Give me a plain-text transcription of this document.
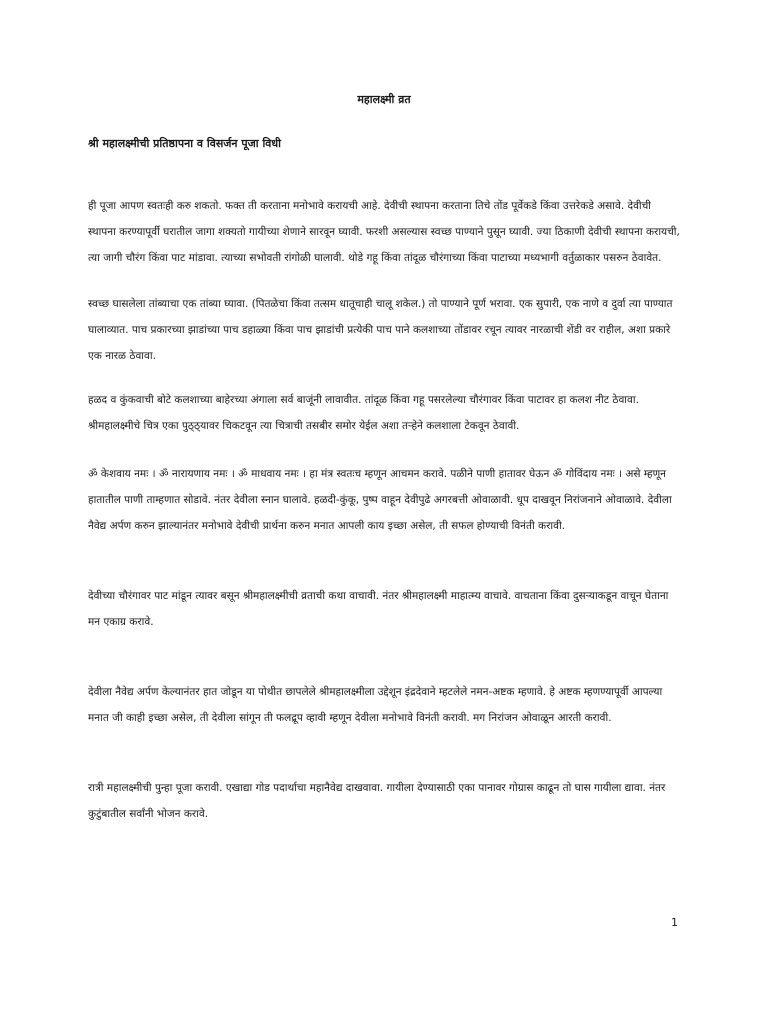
महालक्ष्मी व्रत
श्री महालक्ष्मीची प्रतिष्ठापना व विसर्जन पूजा विधी

ही पूजा आपण स्वतःही करु शकतो. फक्त ती करताना मनोभावे करायची आहे. देवीची स्थापना करताना तिचे तोंड पूर्वेकडे किंवा उत्तरेकडे असावे. देवीची स्थापना करण्यापूर्वी घरातील जागा शक्यतो गायीच्या शेणाने सारवून घ्यावी. फरशी असल्यास स्वच्छ पाण्याने पुसून घ्यावी. ज्या ठिकाणी देवीची स्थापना करायची, त्या जागी चौरंग किंवा पाट मांडावा. त्याच्या सभोवती रांगोळी घालावी. थोडे गहू किंवा तांदूळ चौरंगाच्या किंवा पाटाच्या मध्यभागी वर्तुळाकार पसरुन ठेवावेत.

स्वच्छ घासलेला तांब्याचा एक तांब्या घ्यावा. (पितळेचा किंवा तत्सम धातूचाही चालू शकेल.) तो पाण्याने पूर्ण भरावा. एक सुपारी, एक नाणे व दुर्वा त्या पाण्यात घालाव्यात. पाच प्रकारच्या झाडांच्या पाच डहाळ्या किंवा पाच झाडांची प्रत्येकी पाच पाने कलशाच्या तोंडावर रचून त्यावर नारळाची शेंडी वर राहील, अशा प्रकारे एक नारळ ठेवावा.

हळद व कुंकवाची बोटे कलशाच्या बाहेरच्या अंगाला सर्व बाजूंनी लावावीत. तांदूळ किंवा गहू पसरलेल्या चौरंगावर किंवा पाटावर हा कलश नीट ठेवावा. श्रीमहालक्ष्मीचे चित्र एका पुठ्ठ्यावर चिकटवून त्या चित्राची तसबीर समोर येईल अशा तऱ्हेने कलशाला टेकवून ठेवावी.

ॐ केशवाय नमः । ॐ नारायणाय नमः । ॐ माधवाय नमः । हा मंत्र स्वतःच म्हणून आचमन करावे. पळीने पाणी हातावर घेऊन ॐ गोविंदाय नमः । असे म्हणून हातातील पाणी ताम्हणात सोडावे. नंतर देवीला स्नान घालावे. हळदी-कुंकू, पुष्प वाहून देवीपुढे अगरबत्ती ओवाळावी. धूप दाखवून निरांजनाने ओवाळावे. देवीला नैवेद्य अर्पण करुन झाल्यानंतर मनोभावे देवीची प्रार्थना करुन मनात आपली काय इच्छा असेल, ती सफल होण्याची विनंती करावी.

देवीच्या चौरंगावर पाट मांडून त्यावर बसून श्रीमहालक्ष्मीची व्रताची कथा वाचावी. नंतर श्रीमहालक्ष्मी माहात्म्य वाचावे. वाचताना किंवा दुसऱ्याकडून वाचून घेताना मन एकाग्र करावे.

देवीला नैवेद्य अर्पण केल्यानंतर हात जोडून या पोथीत छापलेले श्रीमहालक्ष्मीला उद्देशून इंद्रदेवाने म्हटलेले नमन-अष्टक म्हणावे. हे अष्टक म्हणण्यापूर्वी आपल्या मनात जी काही इच्छा असेल, ती देवीला सांगून ती फलद्रूप व्हावी म्हणून देवीला मनोभावे विनंती करावी. मग निरांजन ओवाळून आरती करावी.

रात्री महालक्ष्मीची पुन्हा पूजा करावी. एखाद्या गोड पदार्थाचा महानैवेद्य दाखवावा. गायीला देण्यासाठी एका पानावर गोग्रास काढून तो घास गायीला द्यावा. नंतर कुटुंबातील सर्वांनी भोजन करावे.

1
